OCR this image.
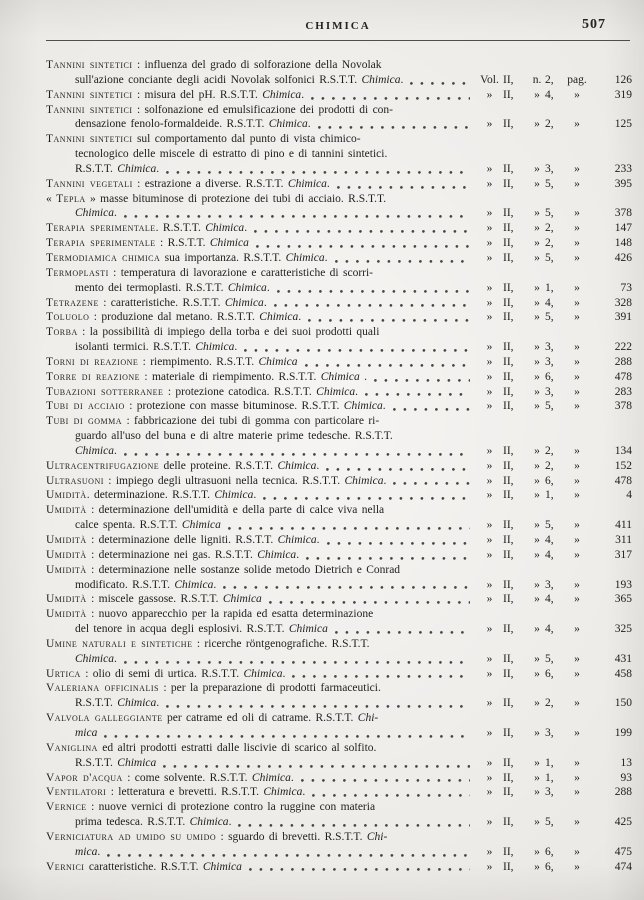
CHIMICA	507
Tannini sintetici : influenza del grado di solforazione della Novolak
sull'azione conciante degli acidi Novolak solfonici R.S.T.T. Chimica.	Vol. II,	n. 2,	pag.	126
Tannini sintetici : misura del pH. R.S.T.T. Chimica.	» II,	» 4,	»	319
Tannini sintetici : solfonazione ed emulsificazione dei prodotti di con-
densazione fenolo-formaldeide. R.S.T.T. Chimica.	» II,	» 2,	»	125
Tannini sintetici sul comportamento dal punto di vista chimico-
tecnologico delle miscele di estratto di pino e di tannini sintetici.
R.S.T.T. Chimica.	» II,	» 3,	»	233
Tannini vegetali : estrazione a diverse. R.S.T.T. Chimica.	» II,	» 5,	»	395
« Tepla » masse bituminose di protezione dei tubi di acciaio. R.S.T.T.
Chimica.	» II,	» 5,	»	378
Terapia sperimentale. R.S.T.T. Chimica.	» II,	» 2,	»	147
Terapia sperimentale : R.S.T.T. Chimica	» II,	» 2,	»	148
Termodiamica chimica sua importanza. R.S.T.T. Chimica.	» II,	» 5,	»	426
Termoplasti : temperatura di lavorazione e caratteristiche di scorri-
mento dei termoplasti. R.S.T.T. Chimica.	» II,	» 1,	»	73
Tetrazene : caratteristiche. R.S.T.T. Chimica.	» II,	» 4,	»	328
Toluolo : produzione dal metano. R.S.T.T. Chimica.	» II,	» 5,	»	391
Torba : la possibilità di impiego della torba e dei suoi prodotti quali
isolanti termici. R.S.T.T. Chimica.	» II,	» 3,	»	222
Torni di reazione : riempimento. R.S.T.T. Chimica	» II,	» 3,	»	288
Torre di reazione : materiale di riempimento. R.S.T.T. Chimica .	» II,	» 6,	»	478
Tubazioni sotterranee : protezione catodica. R.S.T.T. Chimica.	» II,	» 3,	»	283
Tubi di acciaio : protezione con masse bituminose. R.S.T.T. Chimica.	» II,	» 5,	»	378
Tubi di gomma : fabbricazione dei tubi di gomma con particolare ri-
guardo all'uso del buna e di altre materie prime tedesche. R.S.T.T.
Chimica.	» II,	» 2,	»	134
Ultracentrifugazione delle proteine. R.S.T.T. Chimica.	» II,	» 2,	»	152
Ultrasuoni : impiego degli ultrasuoni nella tecnica. R.S.T.T. Chimica.	» II,	» 6,	»	478
Umidità. determinazione. R.S.T.T. Chimica.	» II,	» 1,	»	4
Umidità : determinazione dell'umidità e della parte di calce viva nella
calce spenta. R.S.T.T. Chimica	» II,	» 5,	»	411
Umidità : determinazione delle ligniti. R.S.T.T. Chimica.	» II,	» 4,	»	311
Umidità : determinazione nei gas. R.S.T.T. Chimica.	» II,	» 4,	»	317
Umidità : determinazione nelle sostanze solide metodo Dietrich e Conrad
modificato. R.S.T.T. Chimica.	» II,	» 3,	»	193
Umidità : miscele gassose. R.S.T.T. Chimica	» II,	» 4,	»	365
Umidità : nuovo apparecchio per la rapida ed esatta determinazione
del tenore in acqua degli esplosivi. R.S.T.T. Chimica	» II,	» 4,	»	325
Umine naturali e sintetiche : ricerche röntgenografiche. R.S.T.T.
Chimica.	» II,	» 5,	»	431
Urtica : olio di semi di urtica. R.S.T.T. Chimica.	» II,	» 6,	»	458
Valeriana officinalis : per la preparazione di prodotti farmaceutici.
R.S.T.T. Chimica.	» II,	» 2,	»	150
Valvola galleggiante per catrame ed oli di catrame. R.S.T.T. Chi-
mica	» II,	» 3,	»	199
Vaniglina ed altri prodotti estratti dalle liscivie di scarico al solfito.
R.S.T.T. Chimica	» II,	» 1,	»	13
Vapor d'acqua : come solvente. R.S.T.T. Chimica.	» II,	» 1,	»	93
Ventilatori : letteratura e brevetti. R.S.T.T. Chimica.	» II,	» 3,	»	288
Vernice : nuove vernici di protezione contro la ruggine con materia
prima tedesca. R.S.T.T. Chimica.	» II,	» 5,	»	425
Verniciatura ad umido su umido : sguardo di brevetti. R.S.T.T. Chi-
mica.	» II,	» 6,	»	475
Vernici caratteristiche. R.S.T.T. Chimica	» II,	» 6,	»	474
